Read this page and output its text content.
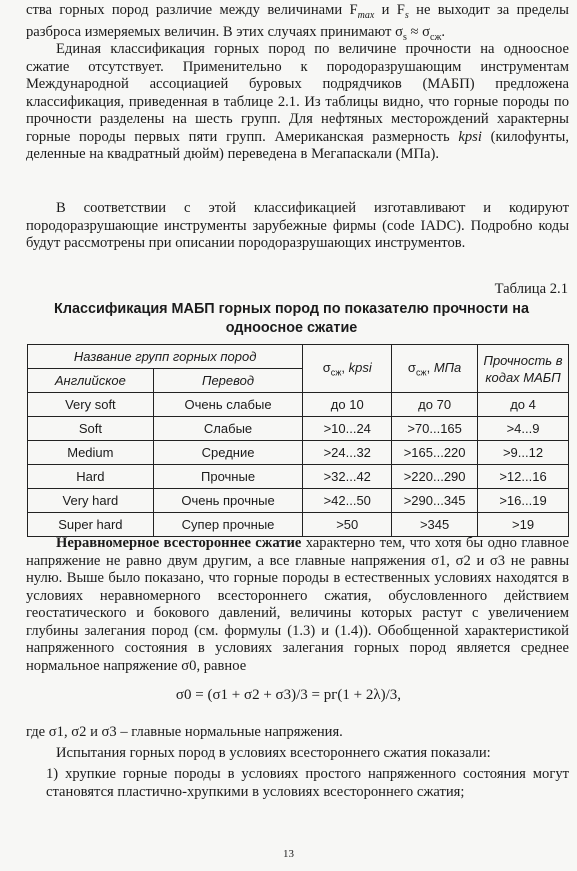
ства горных пород различие между величинами $F_{max}$ и $F_s$ не выходит за пределы разброса измеряемых величин. В этих случаях принимают $\sigma_s \approx \sigma_{сж}$.

Единая классификация горных пород по величине прочности на одноосное сжатие отсутствует. Применительно к породоразрушающим инструментам Международной ассоциацией буровых подрядчиков (МАБП) предложена классификация, приведенная в таблице 2.1. Из таблицы видно, что горные породы по прочности разделены на шесть групп. Для нефтяных месторождений характерны горные породы первых пяти групп. Американская размерность kpsi (килофунты, деленные на квадратный дюйм) переведена в Мегапаскали (МПа).

В соответствии с этой классификацией изготавливают и кодируют породоразрушающие инструменты зарубежные фирмы (code IADC). Подробно коды будут рассмотрены при описании породоразрушающих инструментов.

Таблица 2.1
Классификация МАБП горных пород по показателю прочности на одноосное сжатие
Название групп горных пород		$\sigma_{сж}$, kpsi	$\sigma_{сж}$, МПа	Прочность в кодах МАБП
Английское	Перевод			
Very soft	Очень слабые	до 10	до 70	до 4
Soft	Слабые	>10...24	>70...165	>4...9
Medium	Средние	>24...32	>165...220	>9...12
Hard	Прочные	>32...42	>220...290	>12...16
Very hard	Очень прочные	>42...50	>290...345	>16...19
Super hard	Супер прочные	>50	>345	>19

Неравномерное всестороннее сжатие характерно тем, что хотя бы одно главное напряжение не равно двум другим, а все главные напряжения σ1, σ2 и σ3 не равны нулю. Выше было показано, что горные породы в естественных условиях находятся в условиях неравномерного всестороннего сжатия, обусловленного действием геостатического и бокового давлений, величины которых растут с увеличением глубины залегания пород (см. формулы (1.3) и (1.4)). Обобщенной характеристикой напряженного состояния в условиях залегания горных пород является среднее нормальное напряжение σ0, равное

σ0 = (σ1 + σ2 + σ3)/3 = pг(1 + 2λ)/3,

где σ1, σ2 и σ3 – главные нормальные напряжения.

Испытания горных пород в условиях всестороннего сжатия показали:

1) хрупкие горные породы в условиях простого напряженного состояния могут становятся пластично-хрупкими в условиях всестороннего сжатия;

13
